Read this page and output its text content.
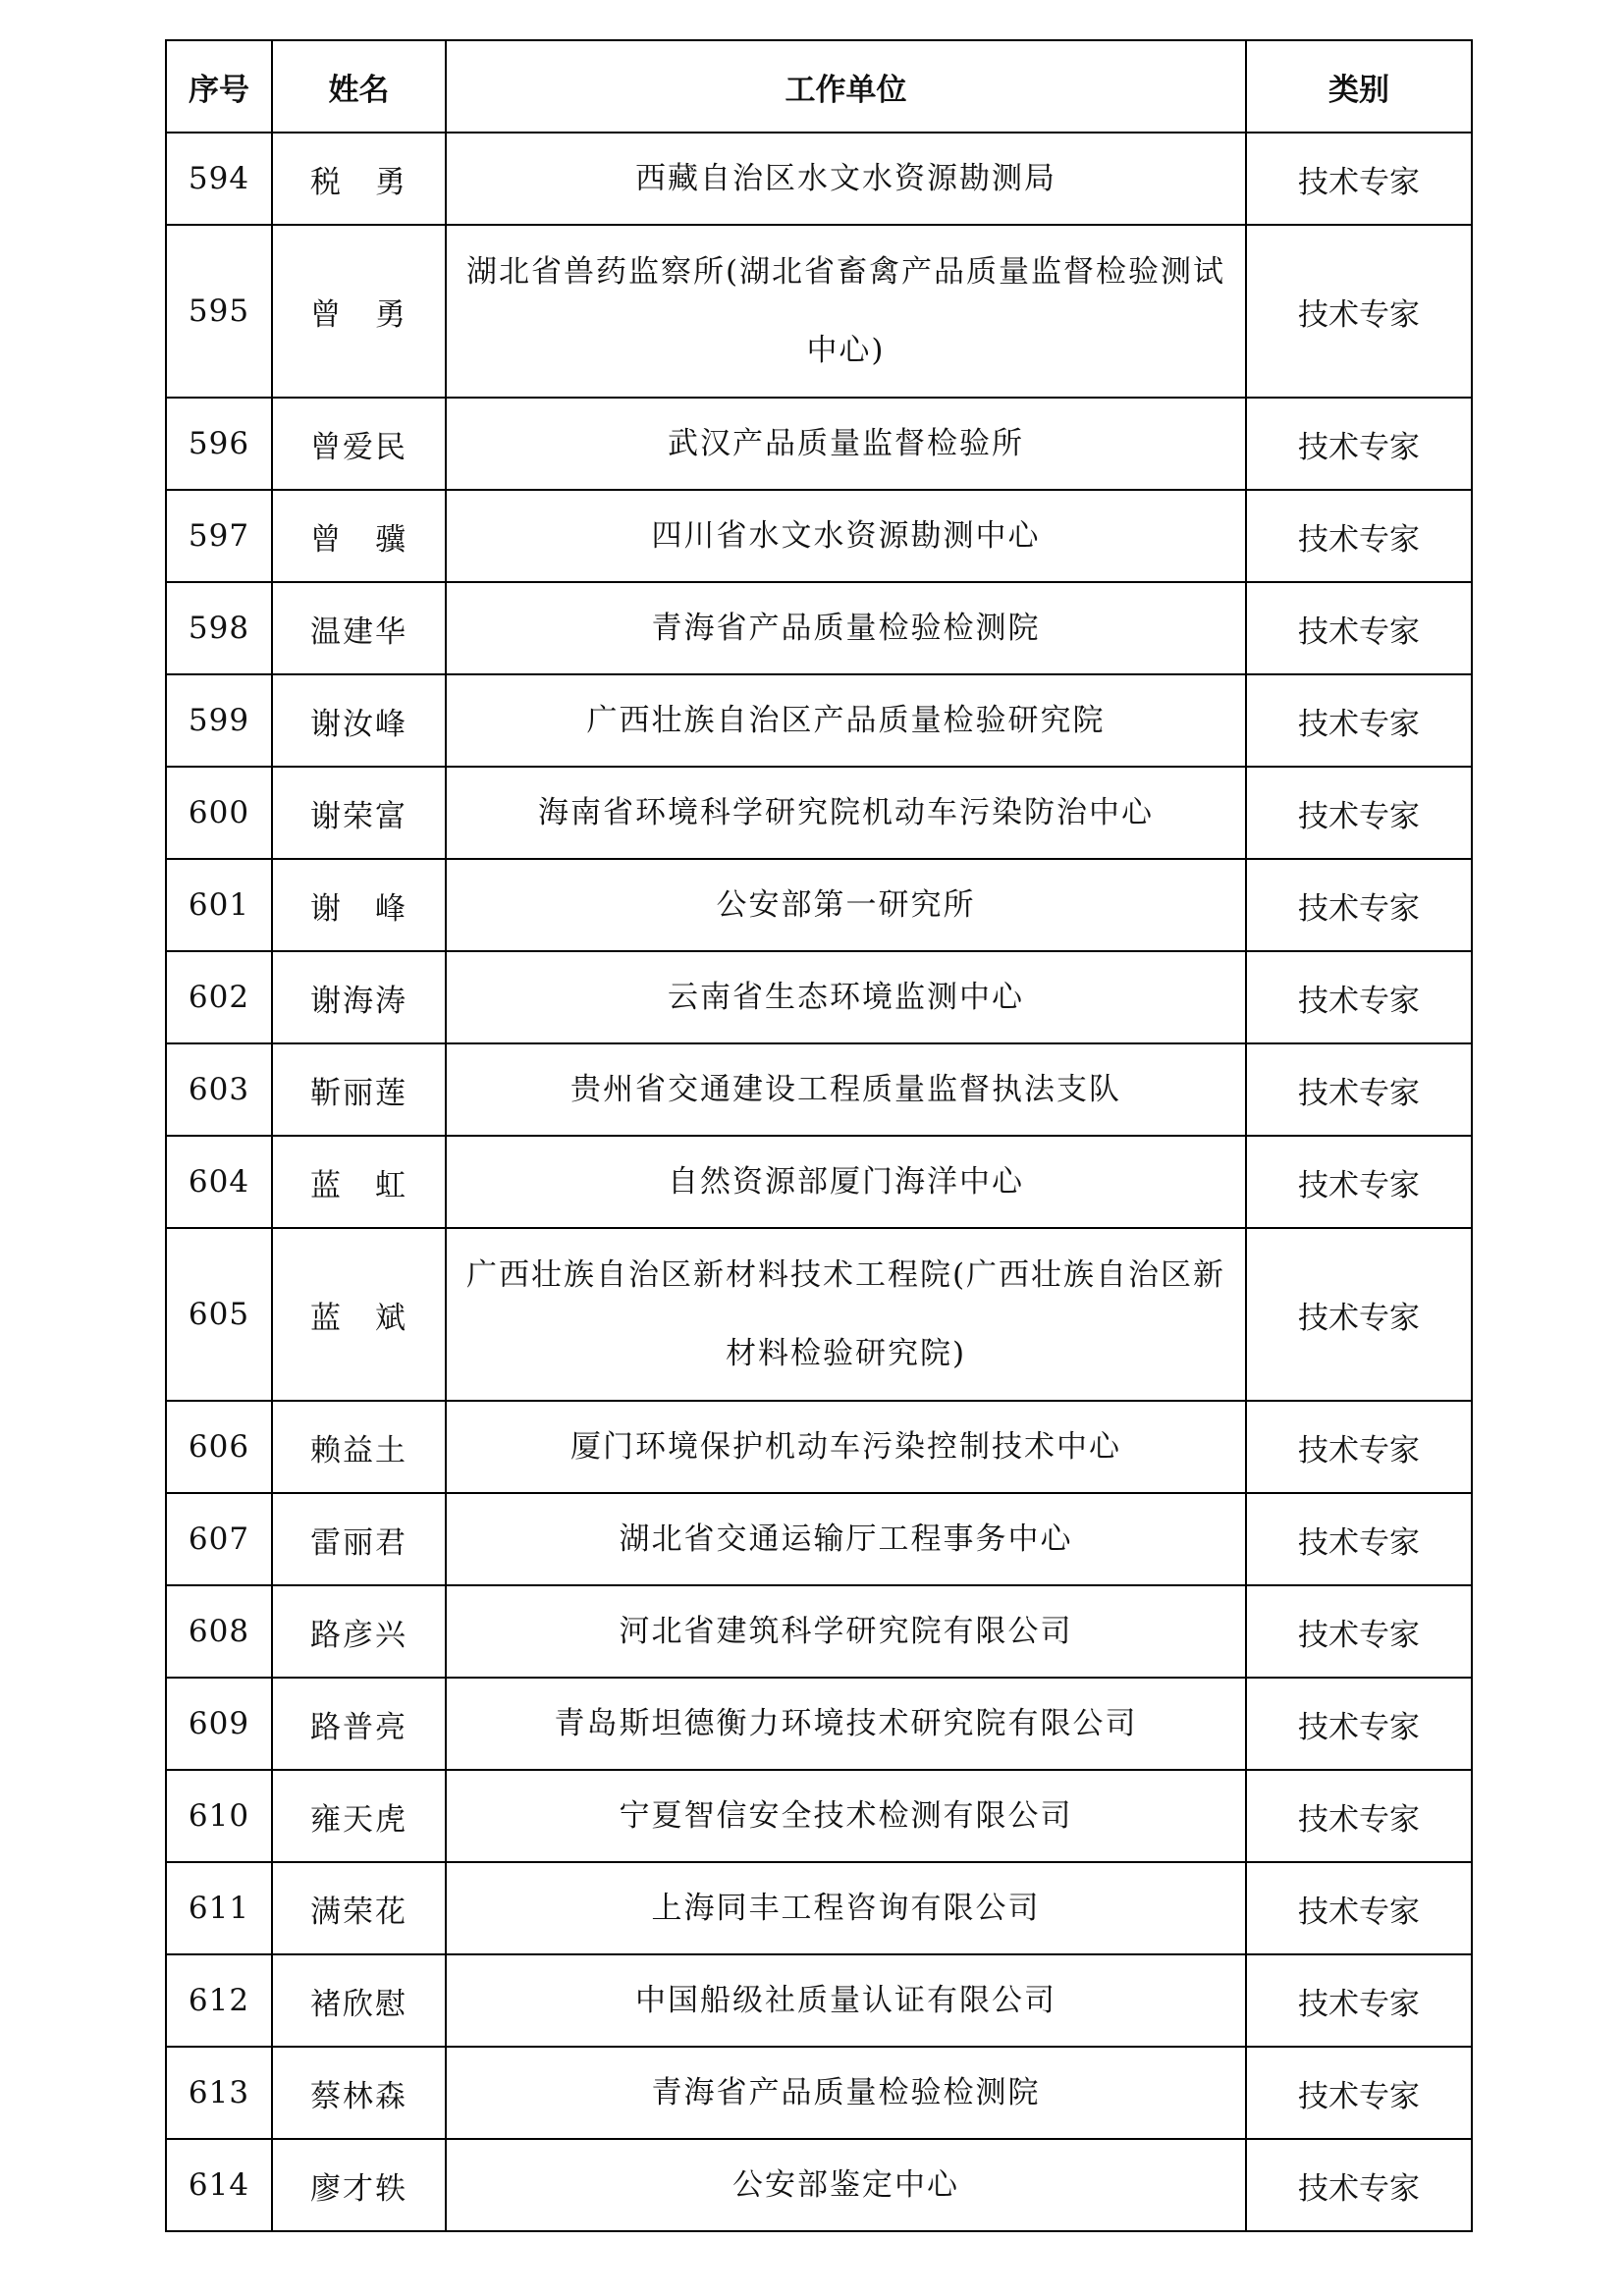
序号	姓名	工作单位	类别
594	税　勇	西藏自治区水文水资源勘测局	技术专家
595	曾　勇	湖北省兽药监察所(湖北省畜禽产品质量监督检验测试中心)	技术专家
596	曾爱民	武汉产品质量监督检验所	技术专家
597	曾　骥	四川省水文水资源勘测中心	技术专家
598	温建华	青海省产品质量检验检测院	技术专家
599	谢汝峰	广西壮族自治区产品质量检验研究院	技术专家
600	谢荣富	海南省环境科学研究院机动车污染防治中心	技术专家
601	谢　峰	公安部第一研究所	技术专家
602	谢海涛	云南省生态环境监测中心	技术专家
603	靳丽莲	贵州省交通建设工程质量监督执法支队	技术专家
604	蓝　虹	自然资源部厦门海洋中心	技术专家
605	蓝　斌	广西壮族自治区新材料技术工程院(广西壮族自治区新材料检验研究院)	技术专家
606	赖益土	厦门环境保护机动车污染控制技术中心	技术专家
607	雷丽君	湖北省交通运输厅工程事务中心	技术专家
608	路彦兴	河北省建筑科学研究院有限公司	技术专家
609	路普亮	青岛斯坦德衡力环境技术研究院有限公司	技术专家
610	雍天虎	宁夏智信安全技术检测有限公司	技术专家
611	满荣花	上海同丰工程咨询有限公司	技术专家
612	褚欣慰	中国船级社质量认证有限公司	技术专家
613	蔡林森	青海省产品质量检验检测院	技术专家
614	廖才轶	公安部鉴定中心	技术专家
